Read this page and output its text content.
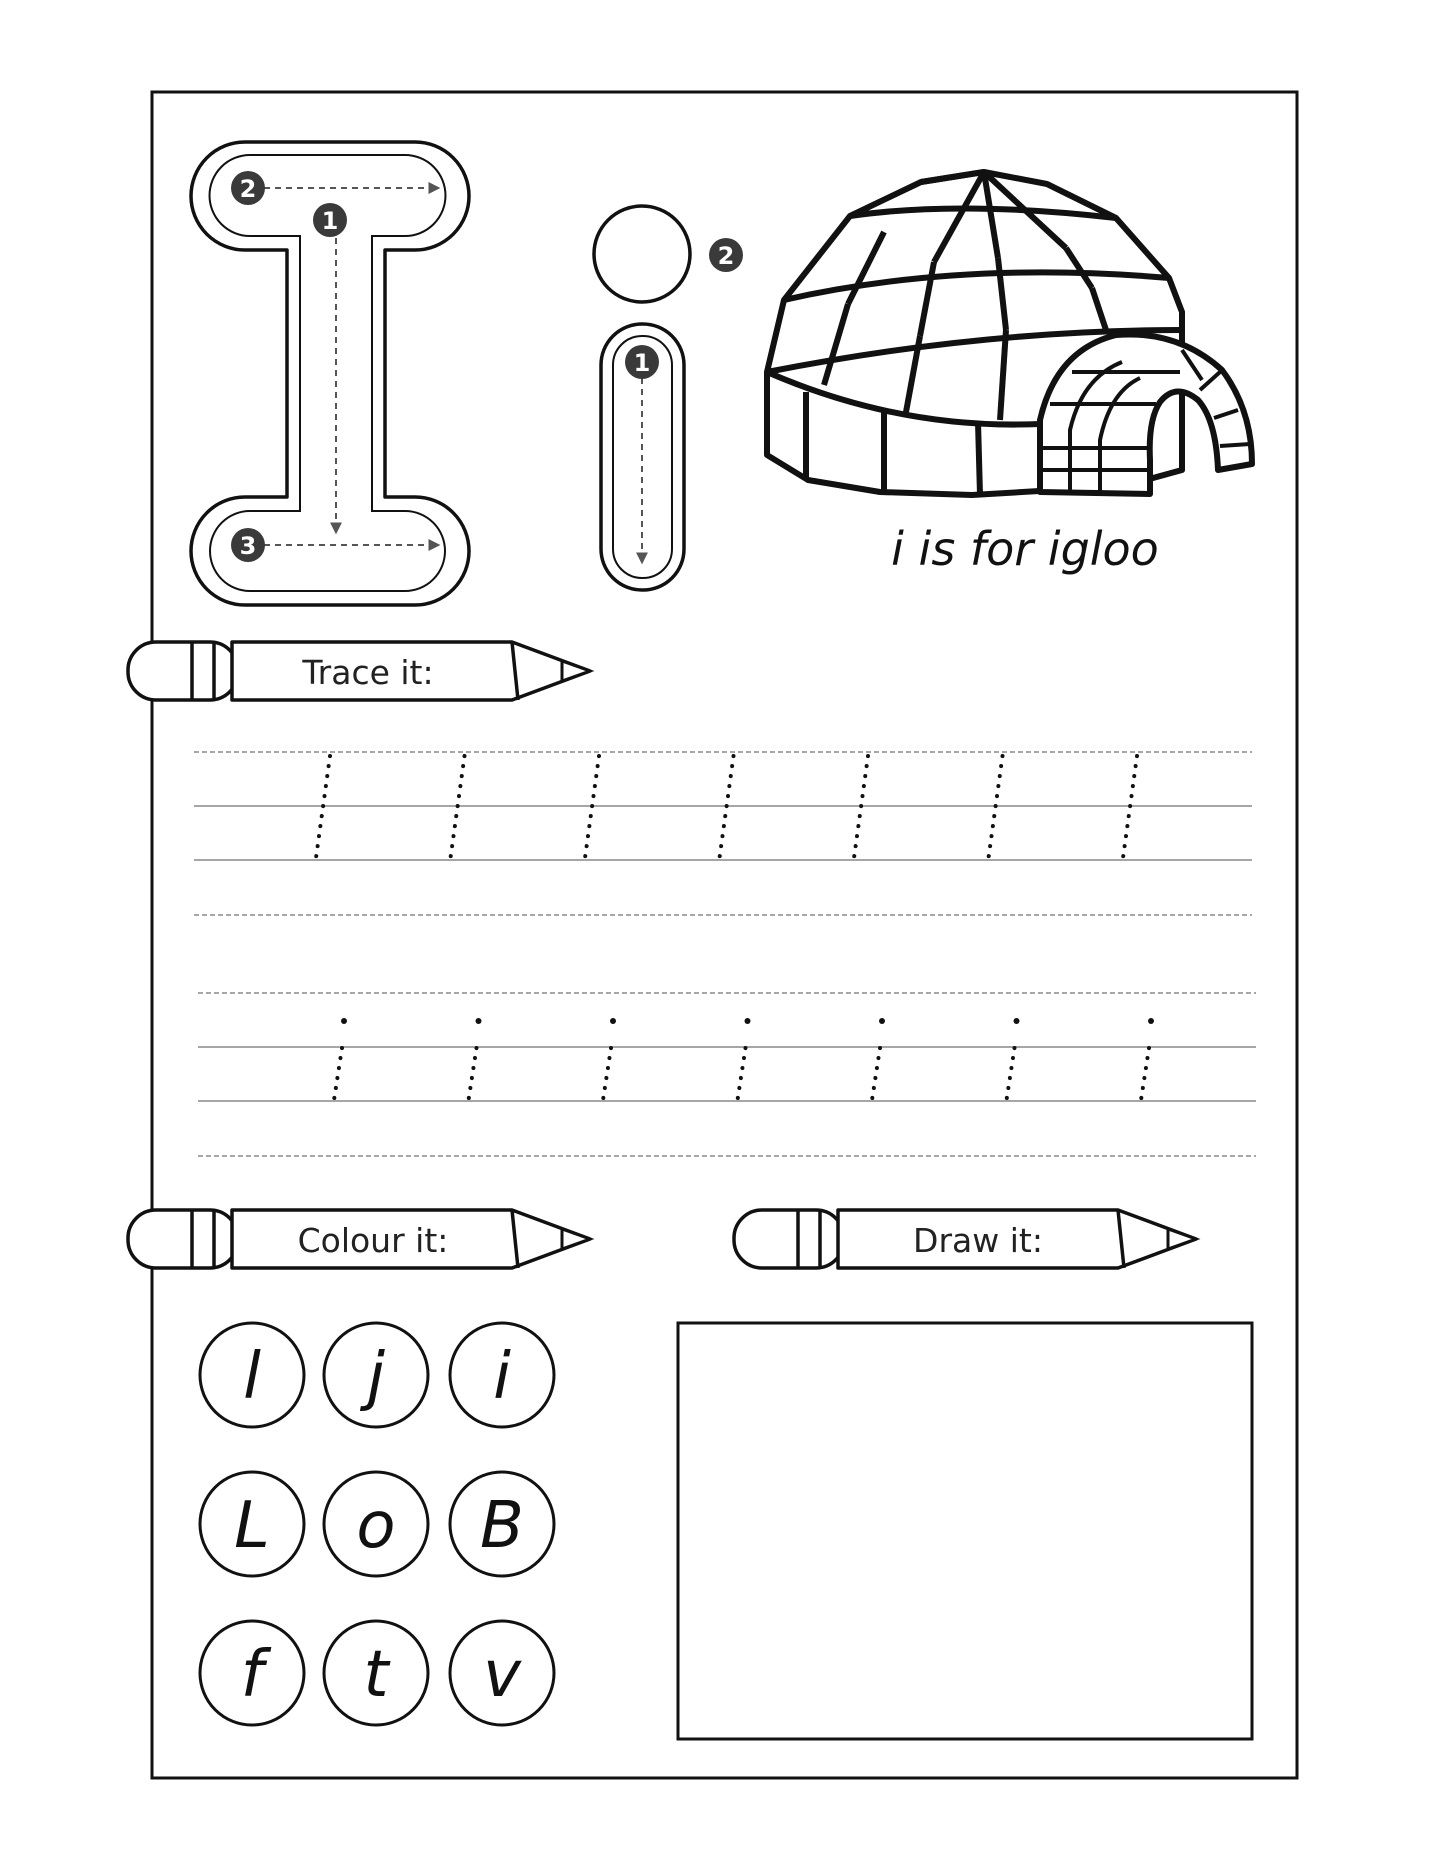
1
2
3
1
2
i is for igloo
Trace it:
Colour it:	Draw it:
l j i
L o B
f t v
